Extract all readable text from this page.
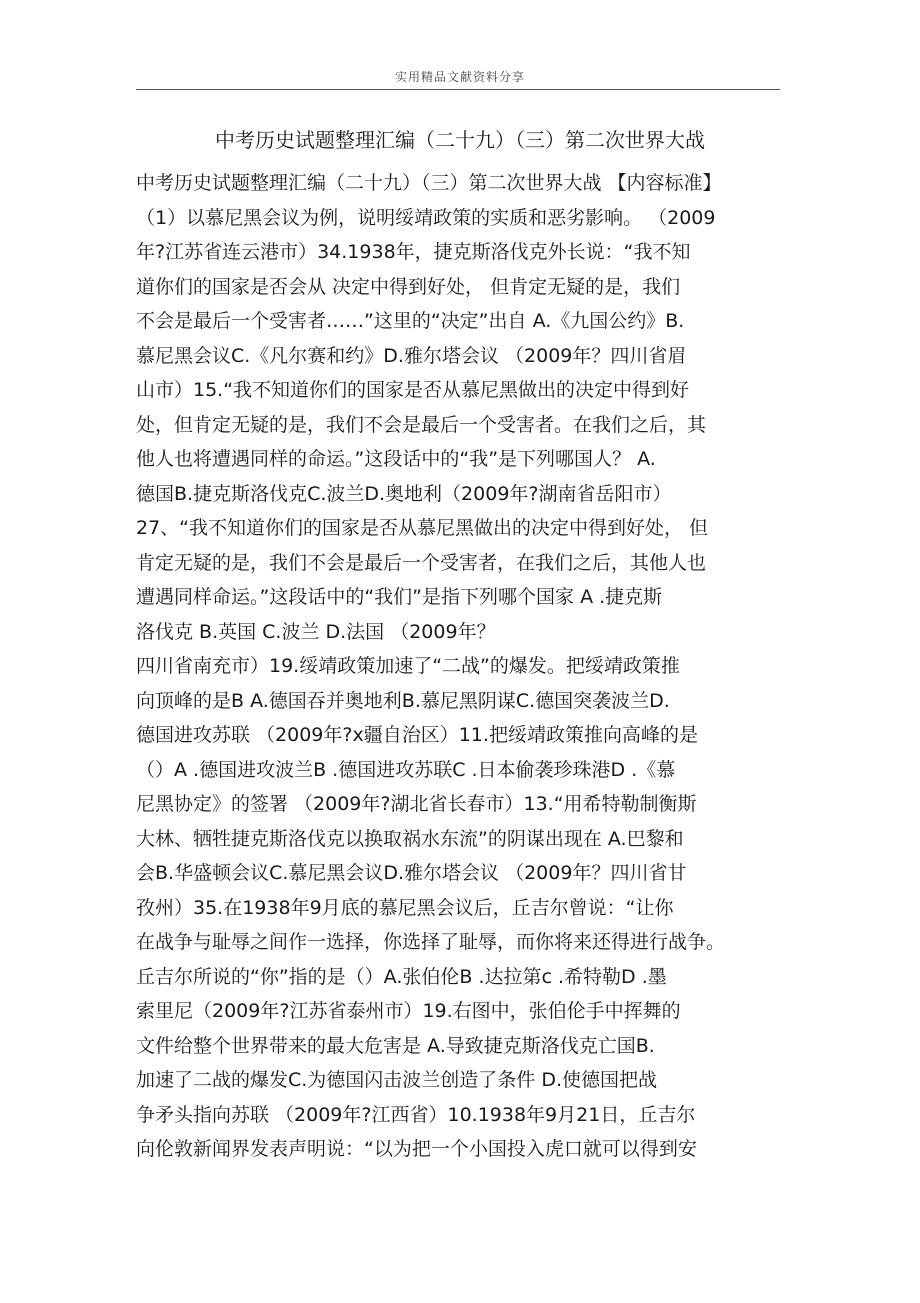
实用精品文献资料分享
中考历史试题整理汇编（二十九）（三）第二次世界大战
中考历史试题整理汇编（二十九）（三）第二次世界大战 【内容标准】
（1）以慕尼黑会议为例，说明绥靖政策的实质和恶劣影响。 （2009
年?江苏省连云港市）34.1938年，捷克斯洛伐克外长说：“我不知
道你们的国家是否会从 决定中得到好处， 但肯定无疑的是，我们
不会是最后一个受害者……”这里的“决定”出自 A.《九国公约》B.
慕尼黑会议C.《凡尔赛和约》D.雅尔塔会议 （2009年？四川省眉
山市）15.“我不知道你们的国家是否从慕尼黑做出的决定中得到好
处，但肯定无疑的是，我们不会是最后一个受害者。在我们之后，其
他人也将遭遇同样的命运。”这段话中的“我”是下列哪国人？ A.
德国B.捷克斯洛伐克C.波兰D.奥地利（2009年?湖南省岳阳市）
27、“我不知道你们的国家是否从慕尼黑做出的决定中得到好处， 但
肯定无疑的是，我们不会是最后一个受害者，在我们之后，其他人也
遭遇同样命运。”这段话中的“我们”是指下列哪个国家 A .捷克斯
洛伐克 B.英国 C.波兰 D.法国 （2009年？
四川省南充市）19.绥靖政策加速了“二战”的爆发。把绥靖政策推
向顶峰的是B A.德国吞并奥地利B.慕尼黑阴谋C.德国突袭波兰D.
德国进攻苏联 （2009年?x疆自治区）11.把绥靖政策推向高峰的是
（）A .德国进攻波兰B .德国进攻苏联C .日本偷袭珍珠港D .《慕
尼黑协定》的签署 （2009年?湖北省长春市）13.“用希特勒制衡斯
大林、牺牲捷克斯洛伐克以换取祸水东流”的阴谋出现在 A.巴黎和
会B.华盛顿会议C.慕尼黑会议D.雅尔塔会议 （2009年？四川省甘
孜州）35.在1938年9月底的慕尼黑会议后，丘吉尔曾说：“让你
在战争与耻辱之间作一选择，你选择了耻辱，而你将来还得进行战争。
丘吉尔所说的“你”指的是（）A.张伯伦B .达拉第c .希特勒D .墨
索里尼（2009年?江苏省泰州市）19.右图中，张伯伦手中挥舞的
文件给整个世界带来的最大危害是 A.导致捷克斯洛伐克亡国B.
加速了二战的爆发C.为德国闪击波兰创造了条件 D.使德国把战
争矛头指向苏联 （2009年?江西省）10.1938年9月21日，丘吉尔
向伦敦新闻界发表声明说：“以为把一个小国投入虎口就可以得到安
